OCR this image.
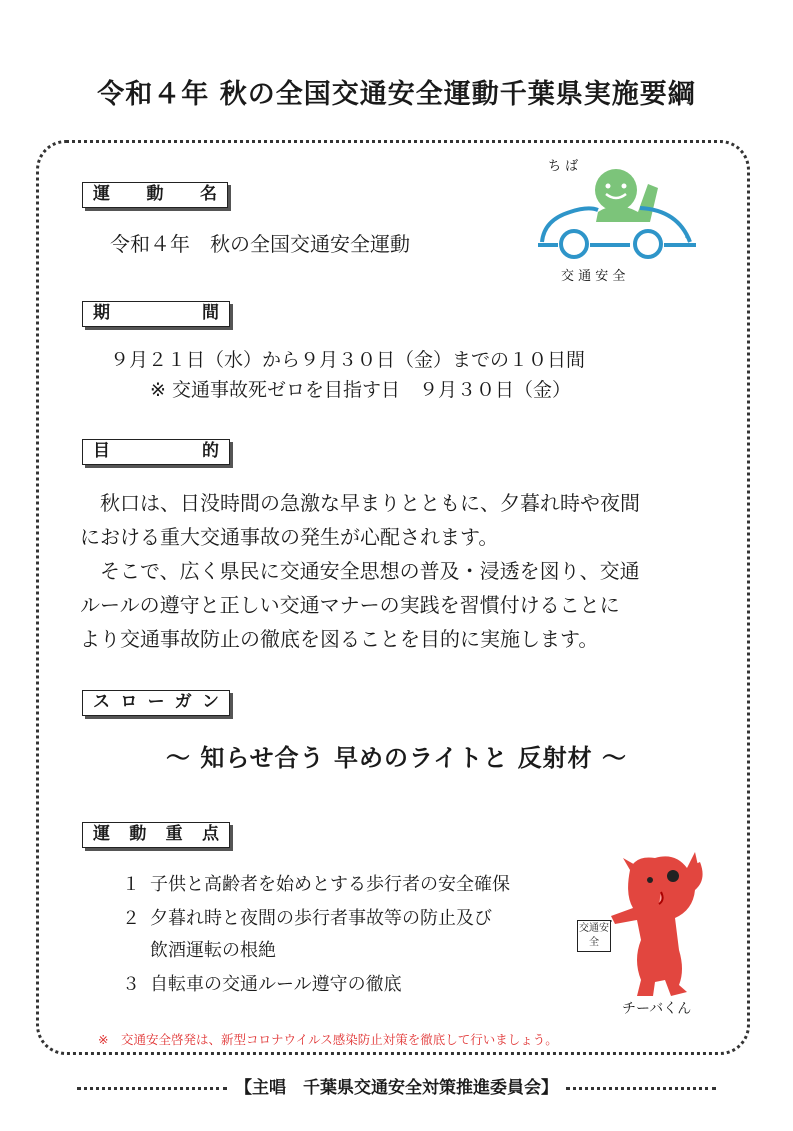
令和４年 秋の全国交通安全運動千葉県実施要綱
ち ば
交 通 安 全
運 動 名
令和４年　秋の全国交通安全運動
期　　間
９月２１日（水）から９月３０日（金）までの１０日間
※ 交通事故死ゼロを目指す日　９月３０日（金）
目　　的
　秋口は、日没時間の急激な早まりとともに、夕暮れ時や夜間
における重大交通事故の発生が心配されます。
　そこで、広く県民に交通安全思想の普及・浸透を図り、交通
ルールの遵守と正しい交通マナーの実践を習慣付けることに
より交通事故防止の徹底を図ることを目的に実施します。
スローガン
～ 知らせ合う 早めのライトと 反射材 ～
運 動 重 点
１ 子供と高齢者を始めとする歩行者の安全確保
２ 夕暮れ時と夜間の歩行者事故等の防止及び
飲酒運転の根絶
３ 自転車の交通ルール遵守の徹底
交通安全
チーバくん
※　交通安全啓発は、新型コロナウイルス感染防止対策を徹底して行いましょう。
【主唱　千葉県交通安全対策推進委員会】
